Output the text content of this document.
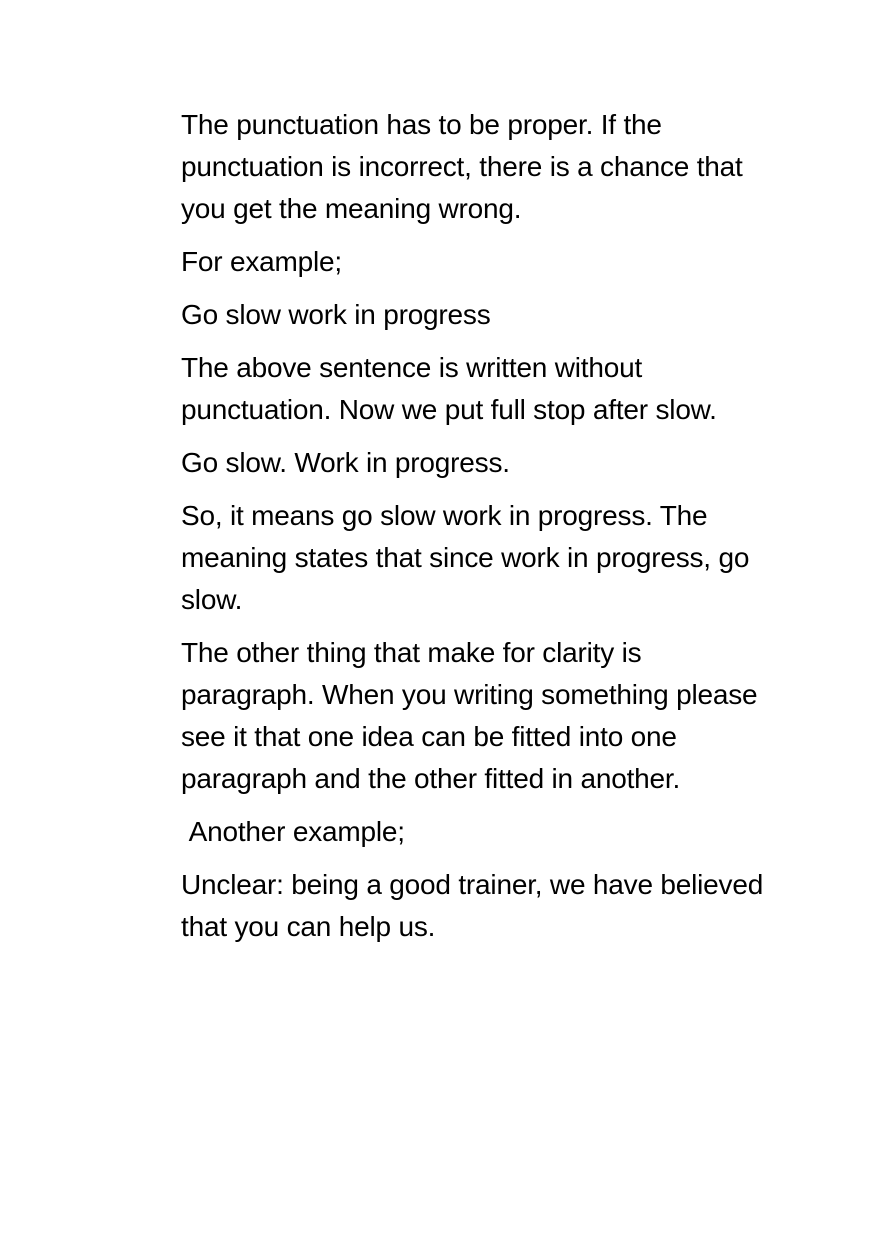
The punctuation has to be proper. If the punctuation is incorrect, there is a chance that you get the meaning wrong.

For example;

Go slow work in progress

The above sentence is written without punctuation. Now we put full stop after slow.

Go slow. Work in progress.

So, it means go slow work in progress. The meaning states that since work in progress, go slow.

The other thing that make for clarity is paragraph. When you writing something please see it that one idea can be fitted into one paragraph and the other fitted in another.

Another example;

Unclear: being a good trainer, we have believed that you can help us.
